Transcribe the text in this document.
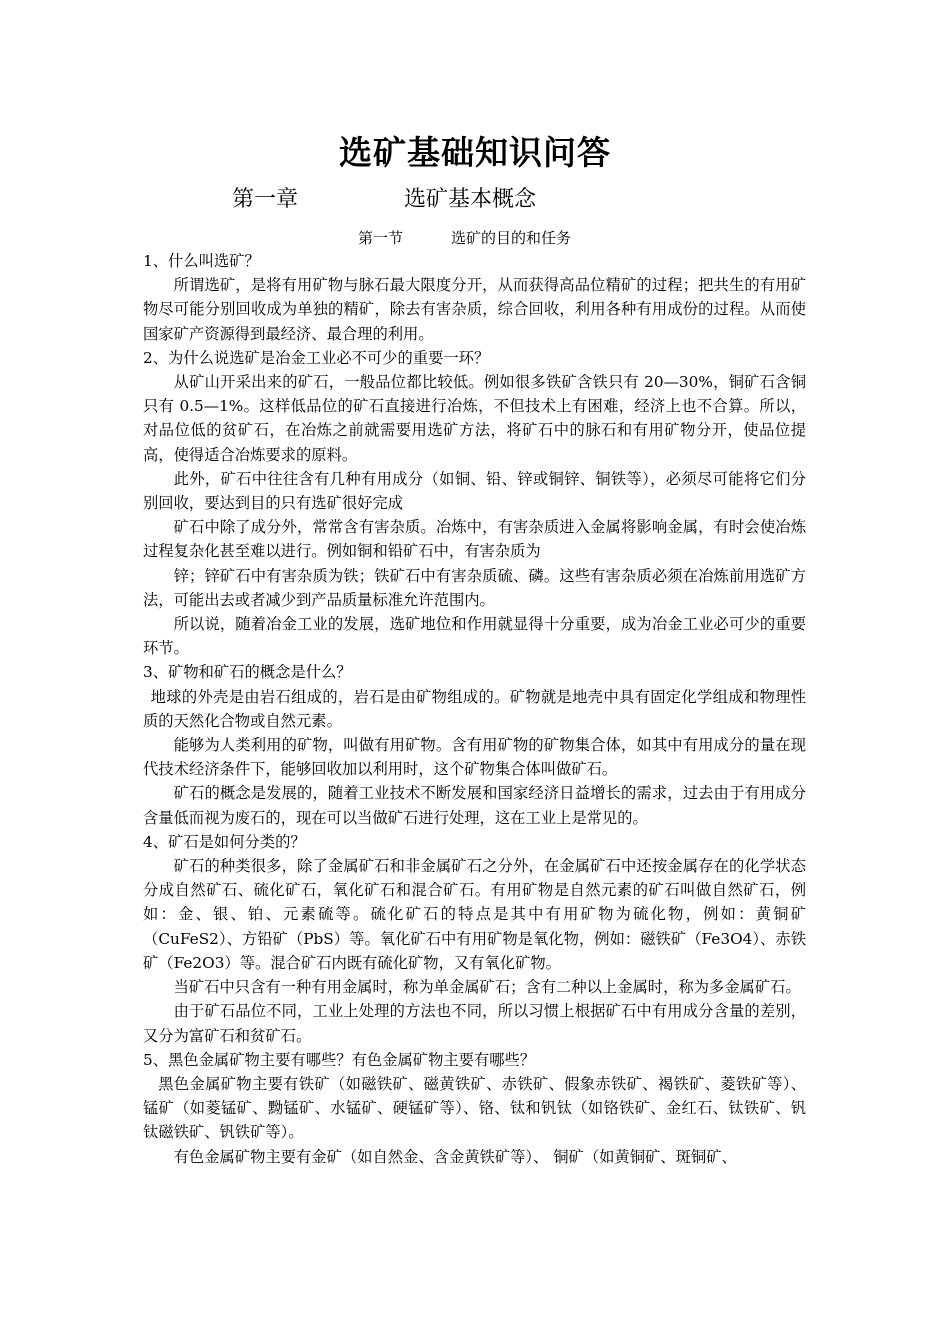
选矿基础知识问答
第一章	选矿基本概念
第一节	选矿的目的和任务

1、什么叫选矿？

所谓选矿，是将有用矿物与脉石最大限度分开，从而获得高品位精矿的过程；把共生的有用矿物尽可能分别回收成为单独的精矿，除去有害杂质，综合回收，利用各种有用成份的过程。从而使国家矿产资源得到最经济、最合理的利用。

2、为什么说选矿是冶金工业必不可少的重要一环？

从矿山开采出来的矿石，一般品位都比较低。例如很多铁矿含铁只有 20—30%，铜矿石含铜只有 0.5—1%。这样低品位的矿石直接进行冶炼，不但技术上有困难，经济上也不合算。所以，对品位低的贫矿石，在冶炼之前就需要用选矿方法，将矿石中的脉石和有用矿物分开，使品位提高，使得适合冶炼要求的原料。

此外，矿石中往往含有几种有用成分（如铜、铅、锌或铜锌、铜铁等），必须尽可能将它们分别回收，要达到目的只有选矿很好完成

矿石中除了成分外，常常含有害杂质。冶炼中，有害杂质进入金属将影响金属，有时会使冶炼过程复杂化甚至难以进行。例如铜和铅矿石中，有害杂质为

锌；锌矿石中有害杂质为铁；铁矿石中有害杂质硫、磷。这些有害杂质必须在冶炼前用选矿方法，可能出去或者减少到产品质量标准允许范围内。

所以说，随着冶金工业的发展，选矿地位和作用就显得十分重要，成为冶金工业必可少的重要环节。

3、矿物和矿石的概念是什么？

地球的外壳是由岩石组成的，岩石是由矿物组成的。矿物就是地壳中具有固定化学组成和物理性质的天然化合物或自然元素。

能够为人类利用的矿物，叫做有用矿物。含有用矿物的矿物集合体，如其中有用成分的量在现代技术经济条件下，能够回收加以利用时，这个矿物集合体叫做矿石。

矿石的概念是发展的，随着工业技术不断发展和国家经济日益增长的需求，过去由于有用成分含量低而视为废石的，现在可以当做矿石进行处理，这在工业上是常见的。

4、矿石是如何分类的？

矿石的种类很多，除了金属矿石和非金属矿石之分外，在金属矿石中还按金属存在的化学状态分成自然矿石、硫化矿石，氧化矿石和混合矿石。有用矿物是自然元素的矿石叫做自然矿石，例如：金、银、铂、元素硫等。硫化矿石的特点是其中有用矿物为硫化物，例如：黄铜矿（CuFeS2）、方铅矿（PbS）等。氧化矿石中有用矿物是氧化物，例如：磁铁矿（Fe3O4）、赤铁矿（Fe2O3）等。混合矿石内既有硫化矿物，又有氧化矿物。

当矿石中只含有一种有用金属时，称为单金属矿石；含有二种以上金属时，称为多金属矿石。

由于矿石品位不同，工业上处理的方法也不同，所以习惯上根据矿石中有用成分含量的差别，又分为富矿石和贫矿石。

5、黑色金属矿物主要有哪些？有色金属矿物主要有哪些？

黑色金属矿物主要有铁矿（如磁铁矿、磁黄铁矿、赤铁矿、假象赤铁矿、褐铁矿、菱铁矿等）、 锰矿（如菱锰矿、黝锰矿、水锰矿、硬锰矿等）、铬、钛和钒钛（如铬铁矿、金红石、钛铁矿、钒钛磁铁矿、钒铁矿等）。

有色金属矿物主要有金矿（如自然金、含金黄铁矿等）、 铜矿（如黄铜矿、斑铜矿、
